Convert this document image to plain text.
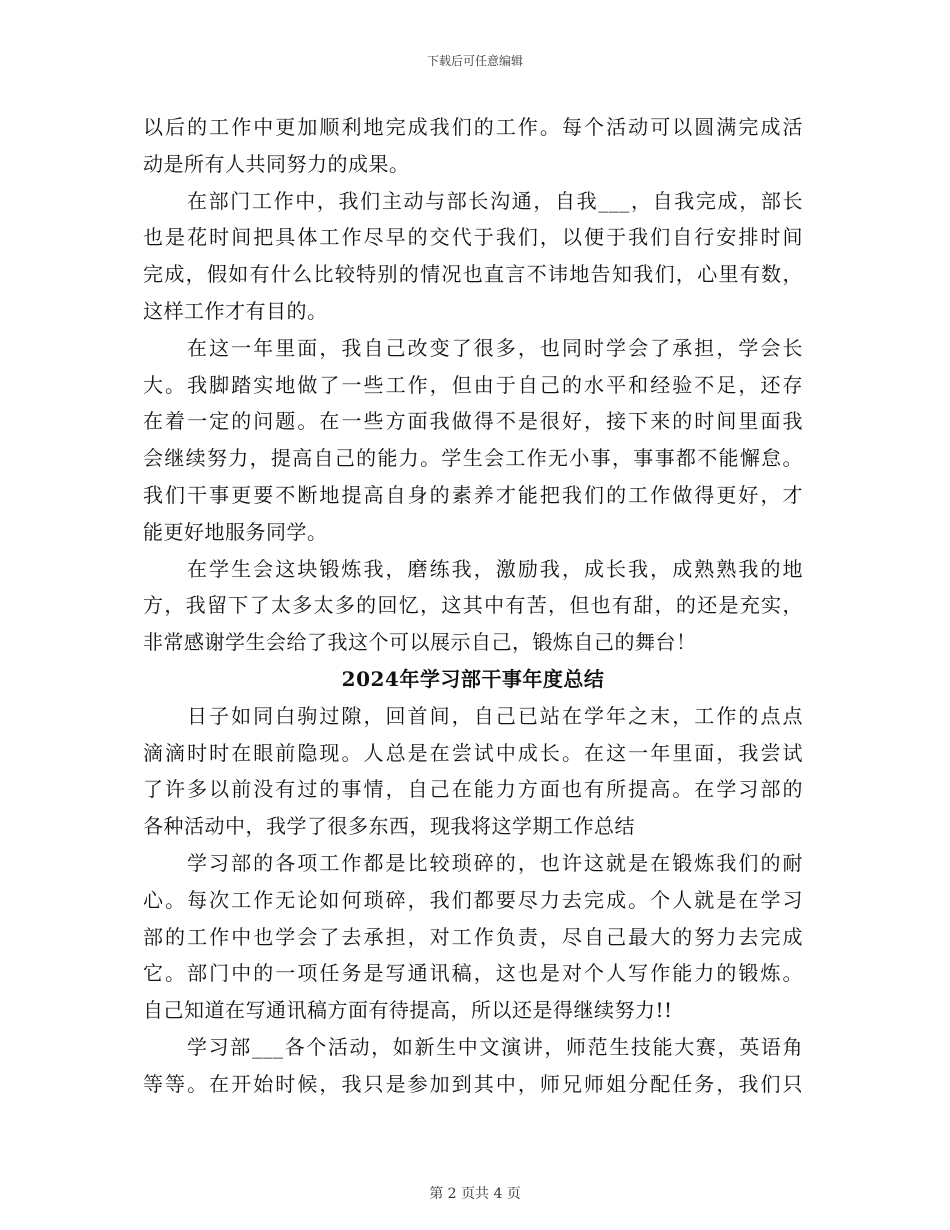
下载后可任意编辑
以后的工作中更加顺利地完成我们的工作。每个活动可以圆满完成活
动是所有人共同努力的成果。
在部门工作中，我们主动与部长沟通，自我___，自我完成，部长
也是花时间把具体工作尽早的交代于我们，以便于我们自行安排时间
完成，假如有什么比较特别的情况也直言不讳地告知我们，心里有数，
这样工作才有目的。
在这一年里面，我自己改变了很多，也同时学会了承担，学会长
大。我脚踏实地做了一些工作，但由于自己的水平和经验不足，还存
在着一定的问题。在一些方面我做得不是很好，接下来的时间里面我
会继续努力，提高自己的能力。学生会工作无小事，事事都不能懈怠。
我们干事更要不断地提高自身的素养才能把我们的工作做得更好，才
能更好地服务同学。
在学生会这块锻炼我，磨练我，激励我，成长我，成熟熟我的地
方，我留下了太多太多的回忆，这其中有苦，但也有甜，的还是充实，
非常感谢学生会给了我这个可以展示自己，锻炼自己的舞台！
2024年学习部干事年度总结
日子如同白驹过隙，回首间，自己已站在学年之末，工作的点点
滴滴时时在眼前隐现。人总是在尝试中成长。在这一年里面，我尝试
了许多以前没有过的事情，自己在能力方面也有所提高。在学习部的
各种活动中，我学了很多东西，现我将这学期工作总结
学习部的各项工作都是比较琐碎的，也许这就是在锻炼我们的耐
心。每次工作无论如何琐碎，我们都要尽力去完成。个人就是在学习
部的工作中也学会了去承担，对工作负责，尽自己最大的努力去完成
它。部门中的一项任务是写通讯稿，这也是对个人写作能力的锻炼。
自己知道在写通讯稿方面有待提高，所以还是得继续努力!!
学习部___各个活动，如新生中文演讲，师范生技能大赛，英语角
等等。在开始时候，我只是参加到其中，师兄师姐分配任务，我们只
第 2 页共 4 页
